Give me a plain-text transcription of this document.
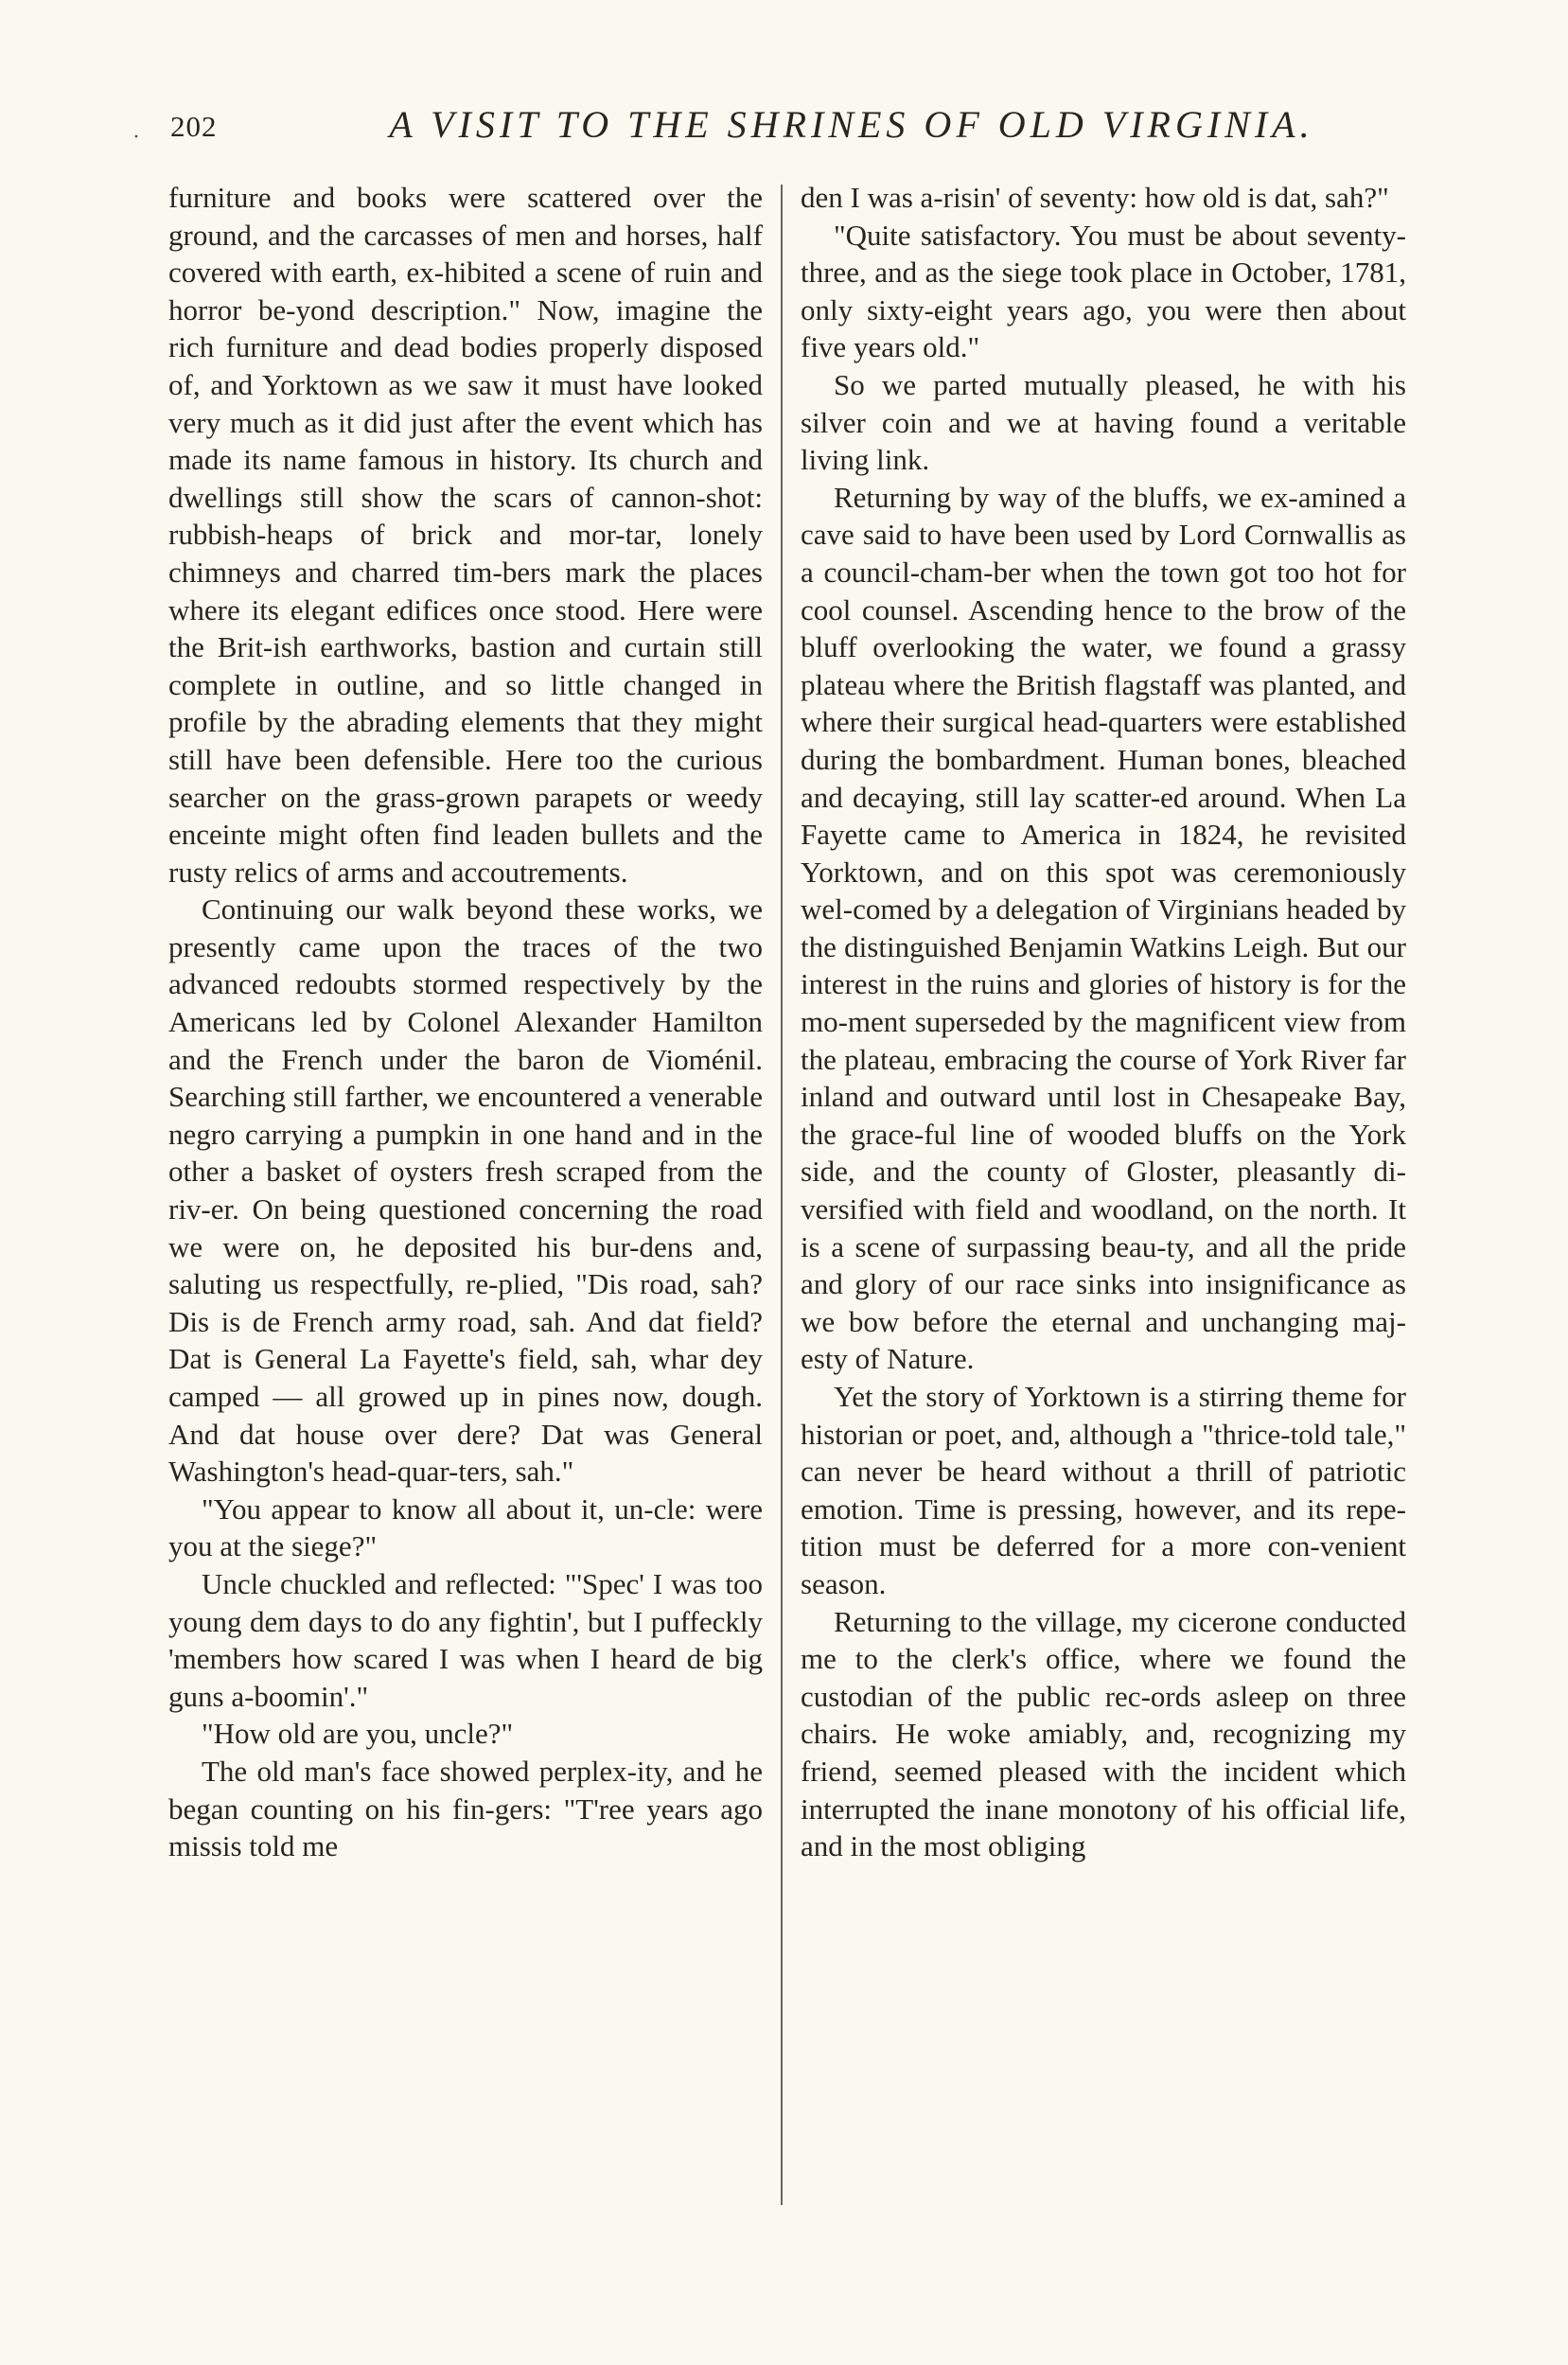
· 202	A VISIT TO THE SHRINES OF OLD VIRGINIA.

furniture and books were scattered over the ground, and the carcasses of men and horses, half covered with earth, ex-hibited a scene of ruin and horror be-yond description." Now, imagine the rich furniture and dead bodies properly disposed of, and Yorktown as we saw it must have looked very much as it did just after the event which has made its name famous in history. Its church and dwellings still show the scars of cannon-shot: rubbish-heaps of brick and mor-tar, lonely chimneys and charred tim-bers mark the places where its elegant edifices once stood. Here were the Brit-ish earthworks, bastion and curtain still complete in outline, and so little changed in profile by the abrading elements that they might still have been defensible. Here too the curious searcher on the grass-grown parapets or weedy enceinte might often find leaden bullets and the rusty relics of arms and accoutrements.

Continuing our walk beyond these works, we presently came upon the traces of the two advanced redoubts stormed respectively by the Americans led by Colonel Alexander Hamilton and the French under the baron de Vioménil. Searching still farther, we encountered a venerable negro carrying a pumpkin in one hand and in the other a basket of oysters fresh scraped from the riv-er. On being questioned concerning the road we were on, he deposited his bur-dens and, saluting us respectfully, re-plied, "Dis road, sah? Dis is de French army road, sah. And dat field? Dat is General La Fayette's field, sah, whar dey camped — all growed up in pines now, dough. And dat house over dere? Dat was General Washington's head-quar-ters, sah."

"You appear to know all about it, un-cle: were you at the siege?"

Uncle chuckled and reflected: "'Spec' I was too young dem days to do any fightin', but I puffeckly 'members how scared I was when I heard de big guns a-boomin'."

"How old are you, uncle?"

The old man's face showed perplex-ity, and he began counting on his fin-gers: "T'ree years ago missis told me

den I was a-risin' of seventy: how old is dat, sah?"

"Quite satisfactory. You must be about seventy-three, and as the siege took place in October, 1781, only sixty-eight years ago, you were then about five years old."

So we parted mutually pleased, he with his silver coin and we at having found a veritable living link.

Returning by way of the bluffs, we ex-amined a cave said to have been used by Lord Cornwallis as a council-cham-ber when the town got too hot for cool counsel. Ascending hence to the brow of the bluff overlooking the water, we found a grassy plateau where the British flagstaff was planted, and where their surgical head-quarters were established during the bombardment. Human bones, bleached and decaying, still lay scatter-ed around. When La Fayette came to America in 1824, he revisited Yorktown, and on this spot was ceremoniously wel-comed by a delegation of Virginians headed by the distinguished Benjamin Watkins Leigh. But our interest in the ruins and glories of history is for the mo-ment superseded by the magnificent view from the plateau, embracing the course of York River far inland and outward until lost in Chesapeake Bay, the grace-ful line of wooded bluffs on the York side, and the county of Gloster, pleasantly di-versified with field and woodland, on the north. It is a scene of surpassing beau-ty, and all the pride and glory of our race sinks into insignificance as we bow before the eternal and unchanging maj-esty of Nature.

Yet the story of Yorktown is a stirring theme for historian or poet, and, although a "thrice-told tale," can never be heard without a thrill of patriotic emotion. Time is pressing, however, and its repe-tition must be deferred for a more con-venient season.

Returning to the village, my cicerone conducted me to the clerk's office, where we found the custodian of the public rec-ords asleep on three chairs. He woke amiably, and, recognizing my friend, seemed pleased with the incident which interrupted the inane monotony of his official life, and in the most obliging
